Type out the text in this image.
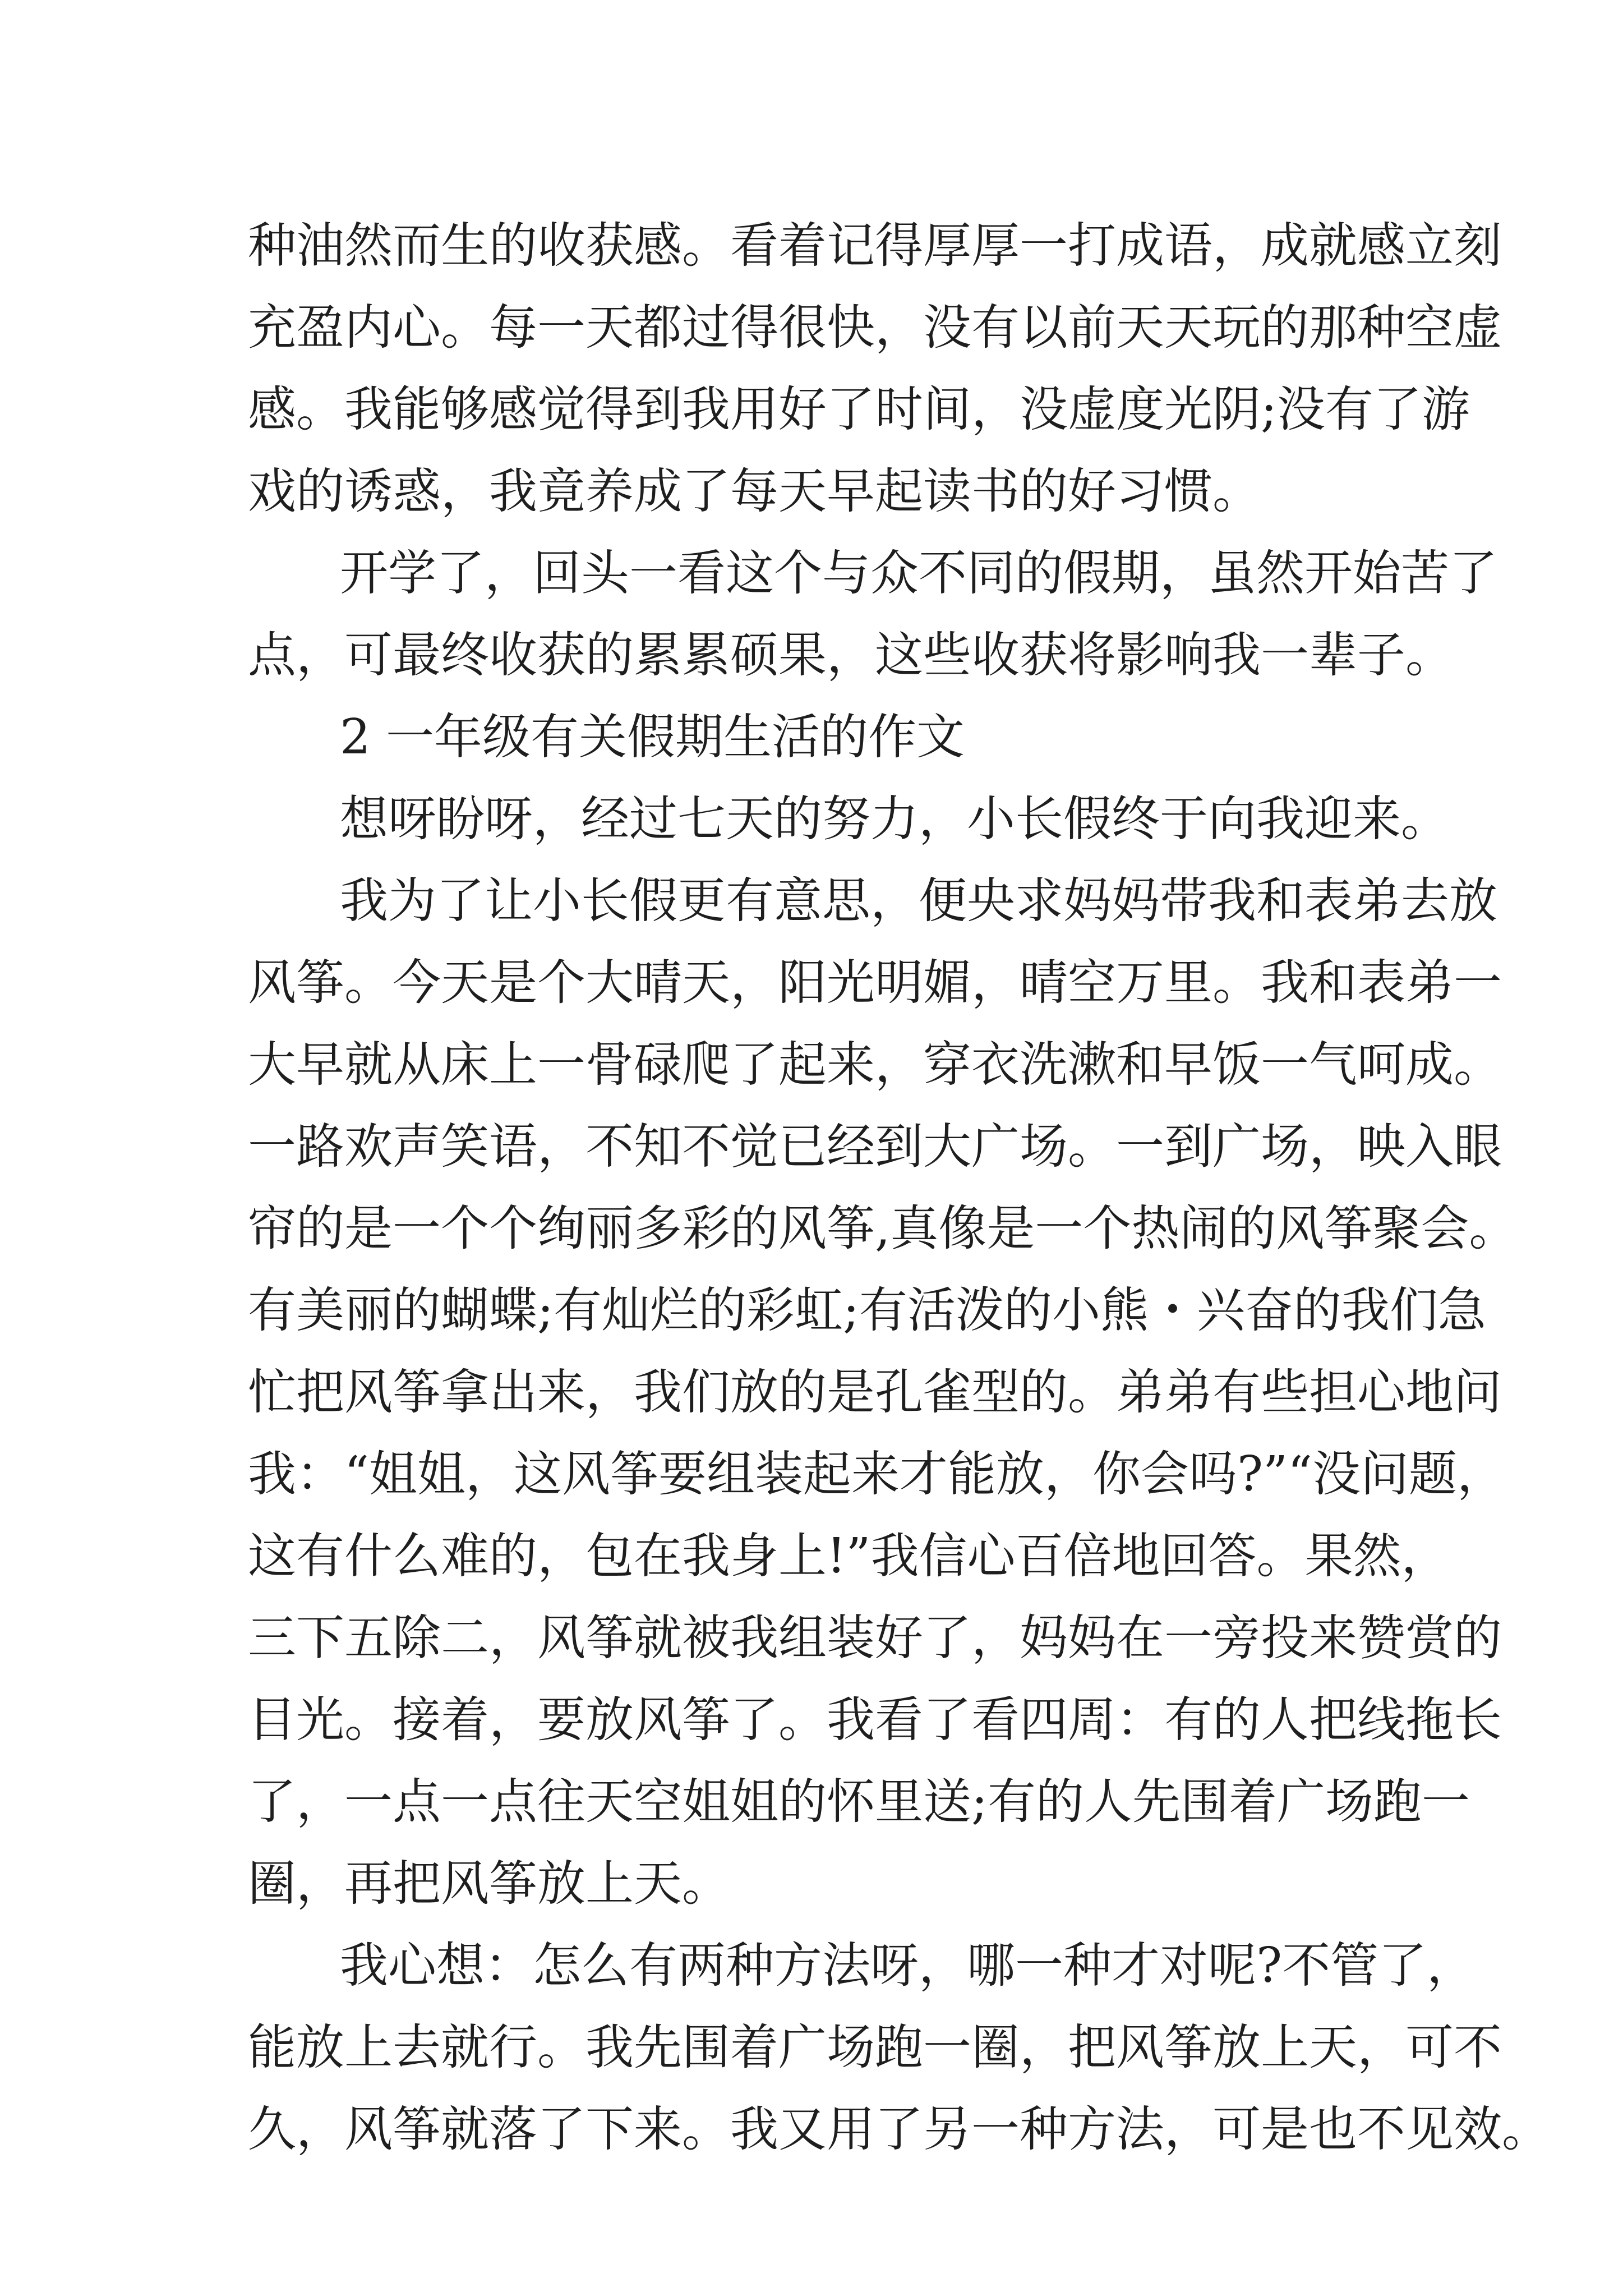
种油然而生的收获感。看着记得厚厚一打成语，成就感立刻
充盈内心。每一天都过得很快，没有以前天天玩的那种空虚
感。我能够感觉得到我用好了时间，没虚度光阴;没有了游
戏的诱惑，我竟养成了每天早起读书的好习惯。

开学了，回头一看这个与众不同的假期，虽然开始苦了
点，可最终收获的累累硕果，这些收获将影响我一辈子。

2 一年级有关假期生活的作文

想呀盼呀，经过七天的努力，小长假终于向我迎来。

我为了让小长假更有意思，便央求妈妈带我和表弟去放
风筝。今天是个大晴天，阳光明媚，晴空万里。我和表弟一
大早就从床上一骨碌爬了起来，穿衣洗漱和早饭一气呵成。
一路欢声笑语，不知不觉已经到大广场。一到广场，映入眼
帘的是一个个绚丽多彩的风筝,真像是一个热闹的风筝聚会。
有美丽的蝴蝶;有灿烂的彩虹;有活泼的小熊・兴奋的我们急
忙把风筝拿出来，我们放的是孔雀型的。弟弟有些担心地问
我：“姐姐，这风筝要组装起来才能放，你会吗?”“没问题，
这有什么难的，包在我身上!”我信心百倍地回答。果然，
三下五除二，风筝就被我组装好了，妈妈在一旁投来赞赏的
目光。接着，要放风筝了。我看了看四周：有的人把线拖长
了，一点一点往天空姐姐的怀里送;有的人先围着广场跑一
圈，再把风筝放上天。

我心想：怎么有两种方法呀，哪一种才对呢?不管了，
能放上去就行。我先围着广场跑一圈，把风筝放上天，可不
久，风筝就落了下来。我又用了另一种方法，可是也不见效。
